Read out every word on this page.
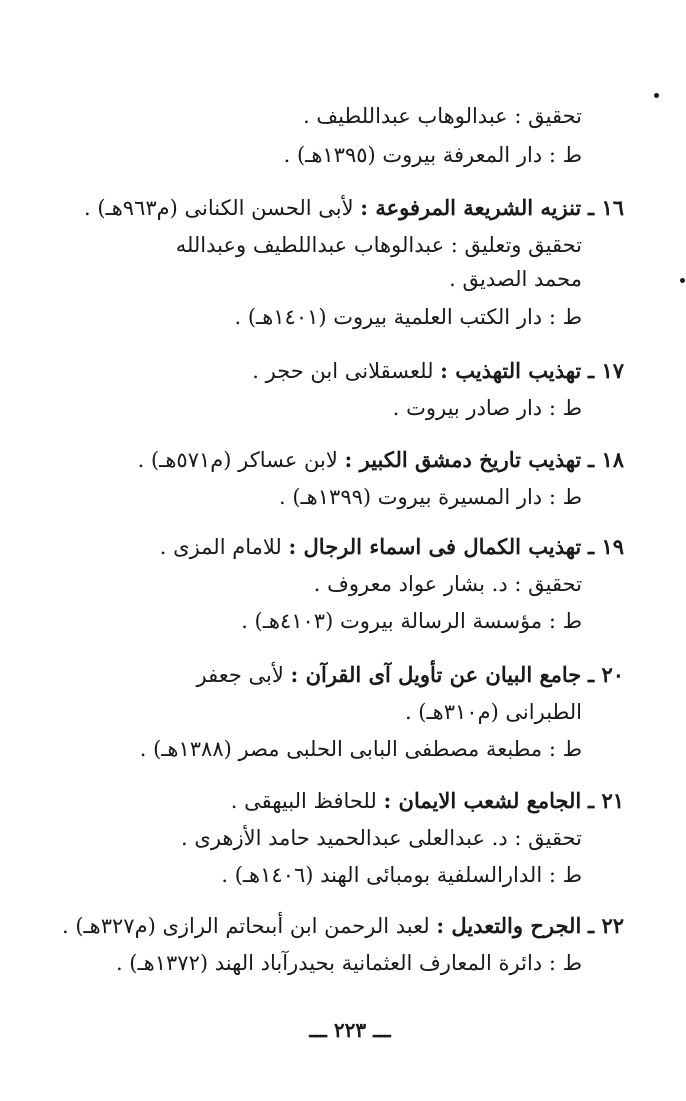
تحقيق : عبدالوهاب عبداللطيف .
ط : دار المعرفة بيروت (١٣٩٥هـ) .
١٦ ـ تنزيه الشريعة المرفوعة : لأبى الحسن الكنانى (م٩٦٣هـ) .
تحقيق وتعليق : عبدالوهاب عبداللطيف وعبدالله
محمد الصديق .
ط : دار الكتب العلمية بيروت (١٤٠١هـ) .
١٧ ـ تهذيب التهذيب : للعسقلانى ابن حجر .
ط : دار صادر بيروت .
١٨ ـ تهذيب تاريخ دمشق الكبير : لابن عساكر (م٥٧١هـ) .
ط : دار المسيرة بيروت (١٣٩٩هـ) .
١٩ ـ تهذيب الكمال فى اسماء الرجال : للامام المزى .
تحقيق : د. بشار عواد معروف .
ط : مؤسسة الرسالة بيروت (٤١٠٣هـ) .
٢٠ ـ جامع البيان عن تأويل آى القرآن : لأبى جعفر
الطبرانى (م٣١٠هـ) .
ط : مطبعة مصطفى البابى الحلبى مصر (١٣٨٨هـ) .
٢١ ـ الجامع لشعب الايمان : للحافظ البيهقى .
تحقيق : د. عبدالعلى عبدالحميد حامد الأزهرى .
ط : الدارالسلفية بومبائى الهند (١٤٠٦هـ) .
٢٢ ـ الجرح والتعديل : لعبد الرحمن ابن أبىحاتم الرازى (م٣٢٧هـ) .
ط : دائرة المعارف العثمانية بحيدرآباد الهند (١٣٧٢هـ) .
ـــ ٢٢٣ ـــ
